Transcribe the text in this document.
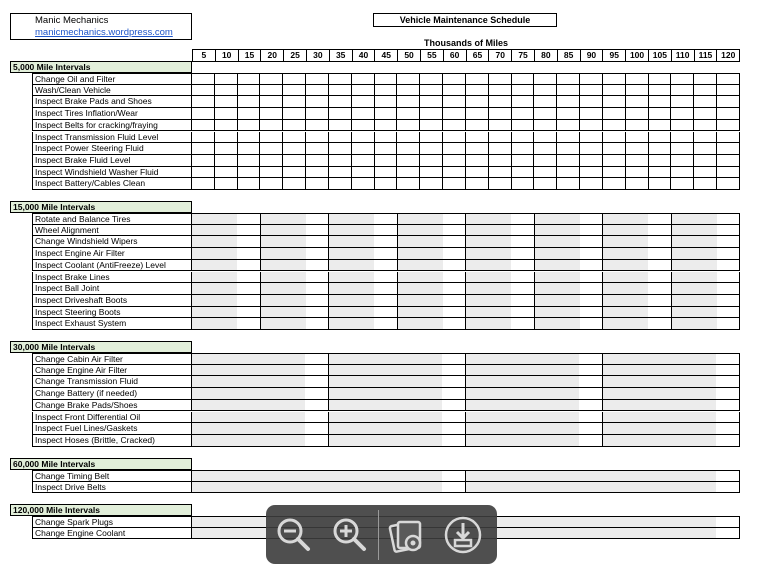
Manic Mechanics
manicmechanics.wordpress.com
Vehicle Maintenance Schedule
Thousands of Miles
5	10	15	20	25	30	35	40	45	50	55	60	65	70	75	80	85	90	95	100	105	110	115	120
5,000 Mile Intervals
Change Oil and Filter
Wash/Clean Vehicle
Inspect Brake Pads and Shoes
Inspect Tires Inflation/Wear
Inspect Belts for cracking/fraying
Inspect Transmission Fluid Level
Inspect Power Steering Fluid
Inspect Brake Fluid Level
Inspect Windshield Washer Fluid
Inspect Battery/Cables Clean
15,000 Mile Intervals
Rotate and Balance Tires
Wheel Alignment
Change Windshield Wipers
Inspect Engine Air Filter
Inspect Coolant (AntiFreeze) Level
Inspect Brake Lines
Inspect Ball Joint
Inspect Driveshaft Boots
Inspect Steering Boots
Inspect Exhaust System
30,000 Mile Intervals
Change Cabin Air Filter
Change Engine Air Filter
Change Transmission Fluid
Change Battery (if needed)
Change Brake Pads/Shoes
Inspect Front Differential Oil
Inspect Fuel Lines/Gaskets
Inspect Hoses (Brittle, Cracked)
60,000 Mile Intervals
Change Timing Belt
Inspect Drive Belts
120,000 Mile Intervals
Change Spark Plugs
Change Engine Coolant
